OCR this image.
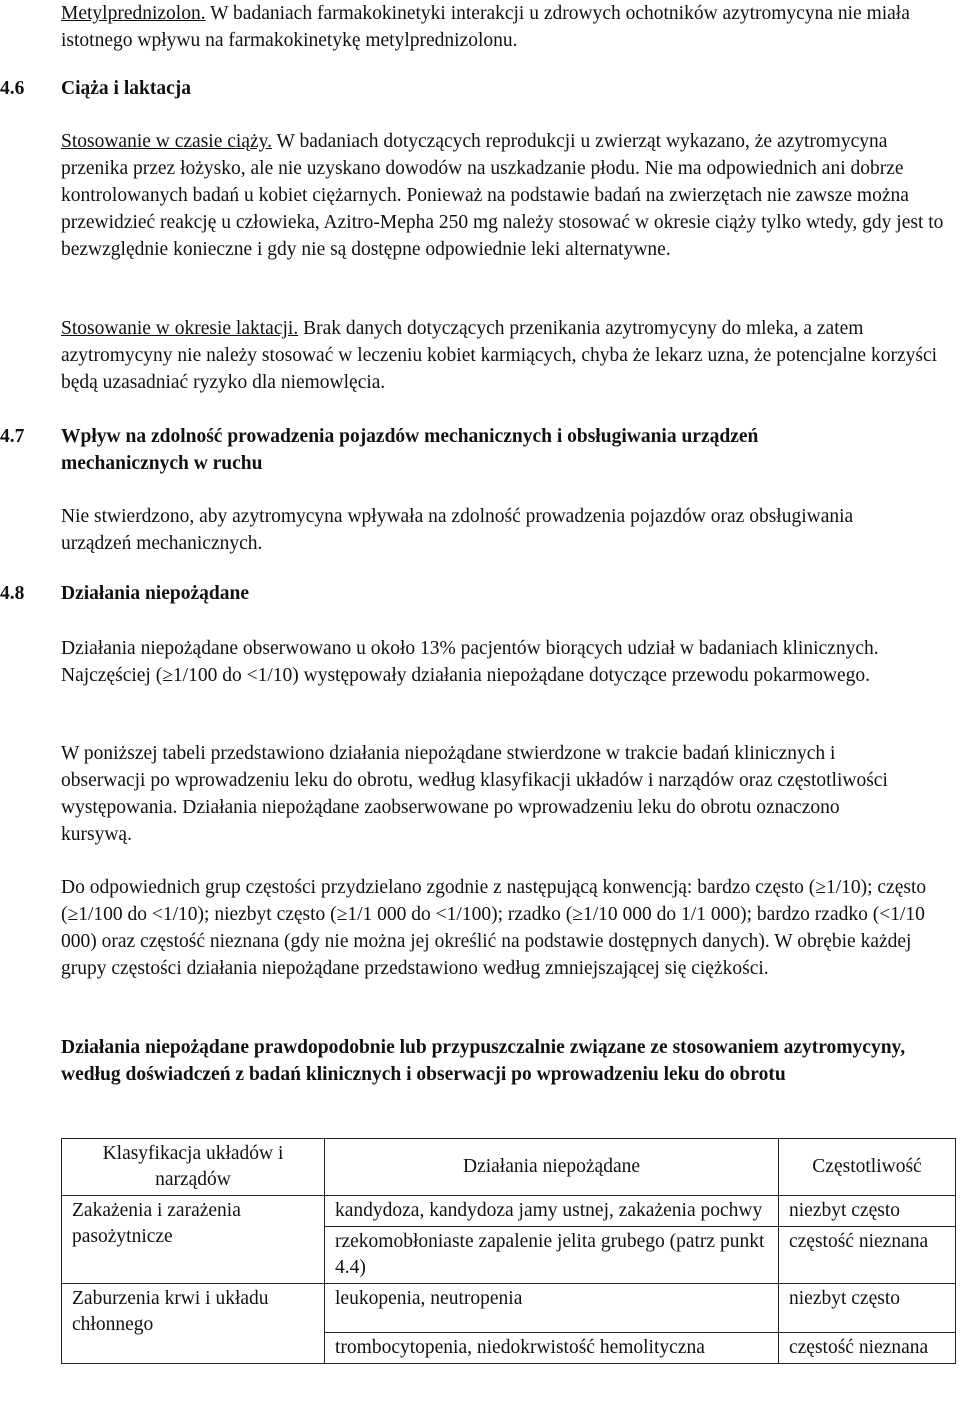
Metylprednizolon. W badaniach farmakokinetyki interakcji u zdrowych ochotników azytromycyna nie miała istotnego wpływu na farmakokinetykę metylprednizolonu.

4.6	Ciąża i laktacja

Stosowanie w czasie ciąży. W badaniach dotyczących reprodukcji u zwierząt wykazano, że azytromycyna przenika przez łożysko, ale nie uzyskano dowodów na uszkadzanie płodu. Nie ma odpowiednich ani dobrze kontrolowanych badań u kobiet ciężarnych. Ponieważ na podstawie badań na zwierzętach nie zawsze można przewidzieć reakcję u człowieka, Azitro-Mepha 250 mg należy stosować w okresie ciąży tylko wtedy, gdy jest to bezwzględnie konieczne i gdy nie są dostępne odpowiednie leki alternatywne.

Stosowanie w okresie laktacji. Brak danych dotyczących przenikania azytromycyny do mleka, a zatem azytromycyny nie należy stosować w leczeniu kobiet karmiących, chyba że lekarz uzna, że potencjalne korzyści będą uzasadniać ryzyko dla niemowlęcia.

4.7	Wpływ na zdolność prowadzenia pojazdów mechanicznych i obsługiwania urządzeń mechanicznych w ruchu

Nie stwierdzono, aby azytromycyna wpływała na zdolność prowadzenia pojazdów oraz obsługiwania urządzeń mechanicznych.

4.8	Działania niepożądane

Działania niepożądane obserwowano u około 13% pacjentów biorących udział w badaniach klinicznych. Najczęściej (≥1/100 do <1/10) występowały działania niepożądane dotyczące przewodu pokarmowego.

W poniższej tabeli przedstawiono działania niepożądane stwierdzone w trakcie badań klinicznych i obserwacji po wprowadzeniu leku do obrotu, według klasyfikacji układów i narządów oraz częstotliwości występowania. Działania niepożądane zaobserwowane po wprowadzeniu leku do obrotu oznaczono kursywą.

Do odpowiednich grup częstości przydzielano zgodnie z następującą konwencją: bardzo często (≥1/10); często (≥1/100 do <1/10); niezbyt często (≥1/1 000 do <1/100); rzadko (≥1/10 000 do 1/1 000); bardzo rzadko (<1/10 000) oraz częstość nieznana (gdy nie można jej określić na podstawie dostępnych danych). W obrębie każdej grupy częstości działania niepożądane przedstawiono według zmniejszającej się ciężkości.

Działania niepożądane prawdopodobnie lub przypuszczalnie związane ze stosowaniem azytromycyny, według doświadczeń z badań klinicznych i obserwacji po wprowadzeniu leku do obrotu

Klasyfikacja układów i narządów	Działania niepożądane	Częstotliwość
Zakażenia i zarażenia pasożytnicze	kandydoza, kandydoza jamy ustnej, zakażenia pochwy	niezbyt często
	rzekomobłoniaste zapalenie jelita grubego (patrz punkt 4.4)	częstość nieznana
Zaburzenia krwi i układu chłonnego	leukopenia, neutropenia	niezbyt często
	trombocytopenia, niedokrwistość hemolityczna	częstość nieznana
